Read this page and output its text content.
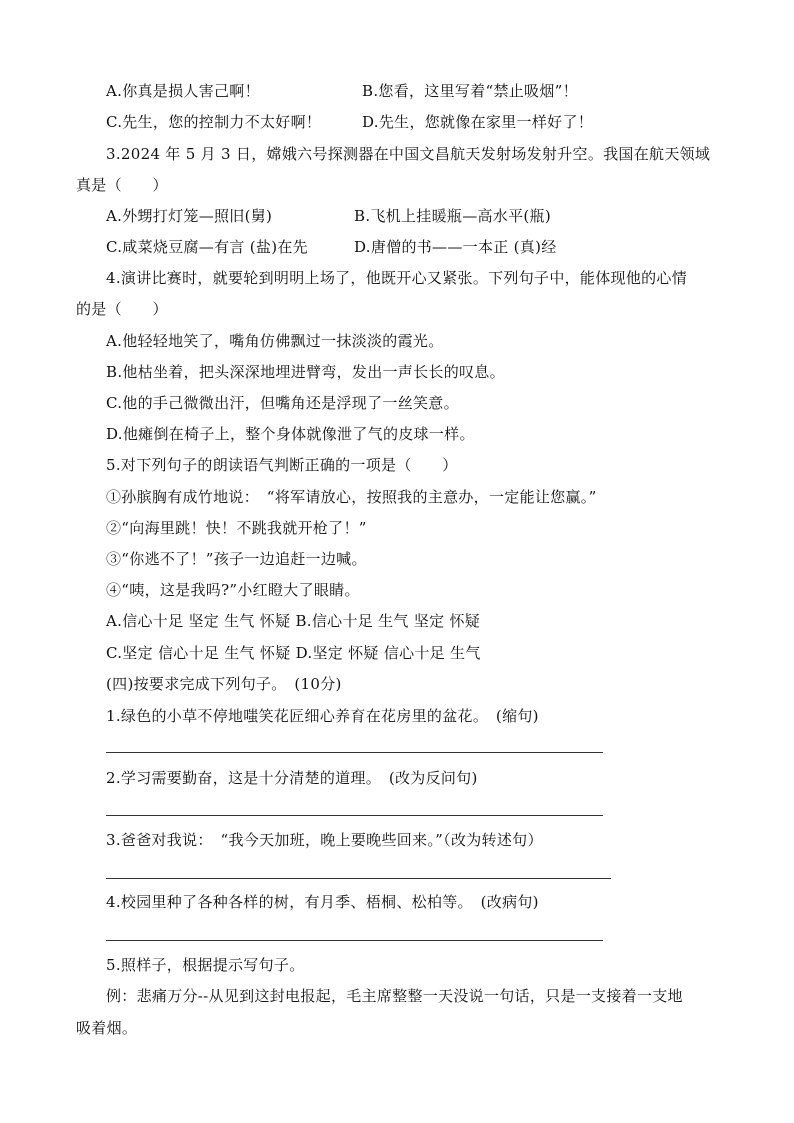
A.你真是损人害己啊！	B.您看，这里写着“禁止吸烟”！
C.先生，您的控制力不太好啊！	D.先生，您就像在家里一样好了！
3.2024 年 5 月 3 日，嫦娥六号探测器在中国文昌航天发射场发射升空。我国在航天领域
真是（　　）
A.外甥打灯笼—照旧(舅)	B.飞机上挂暖瓶—高水平(瓶)
C.咸菜烧豆腐—有言 (盐)在先	D.唐僧的书——一本正 (真)经
4.演讲比赛时，就要轮到明明上场了，他既开心又紧张。下列句子中，能体现他的心情
的是（　　）
A.他轻轻地笑了，嘴角仿佛飘过一抹淡淡的霞光。
B.他枯坐着，把头深深地埋进臂弯，发出一声长长的叹息。
C.他的手己微微出汗，但嘴角还是浮现了一丝笑意。
D.他瘫倒在椅子上，整个身体就像泄了气的皮球一样。
5.对下列句子的朗读语气判断正确的一项是（　　）
①孙膑胸有成竹地说：　“将军请放心，按照我的主意办，一定能让您赢。”
②“向海里跳！快！不跳我就开枪了！”
③“你逃不了！”孩子一边追赶一边喊。
④“咦，这是我吗?”小红瞪大了眼睛。
A.信心十足 坚定 生气 怀疑 B.信心十足 生气 坚定 怀疑
C.坚定 信心十足 生气 怀疑 D.坚定 怀疑 信心十足 生气
(四)按要求完成下列句子。　(10分)
1.绿色的小草不停地嗤笑花匠细心养育在花房里的盆花。　(缩句)
2.学习需要勤奋，这是十分清楚的道理。　(改为反问句)
3.爸爸对我说：　“我今天加班，晚上要晚些回来。”（改为转述句）
4.校园里种了各种各样的树，有月季、梧桐、松柏等。　(改病句)
5.照样子，根据提示写句子。
例：悲痛万分--从见到这封电报起，毛主席整整一天没说一句话，只是一支接着一支地
吸着烟。
